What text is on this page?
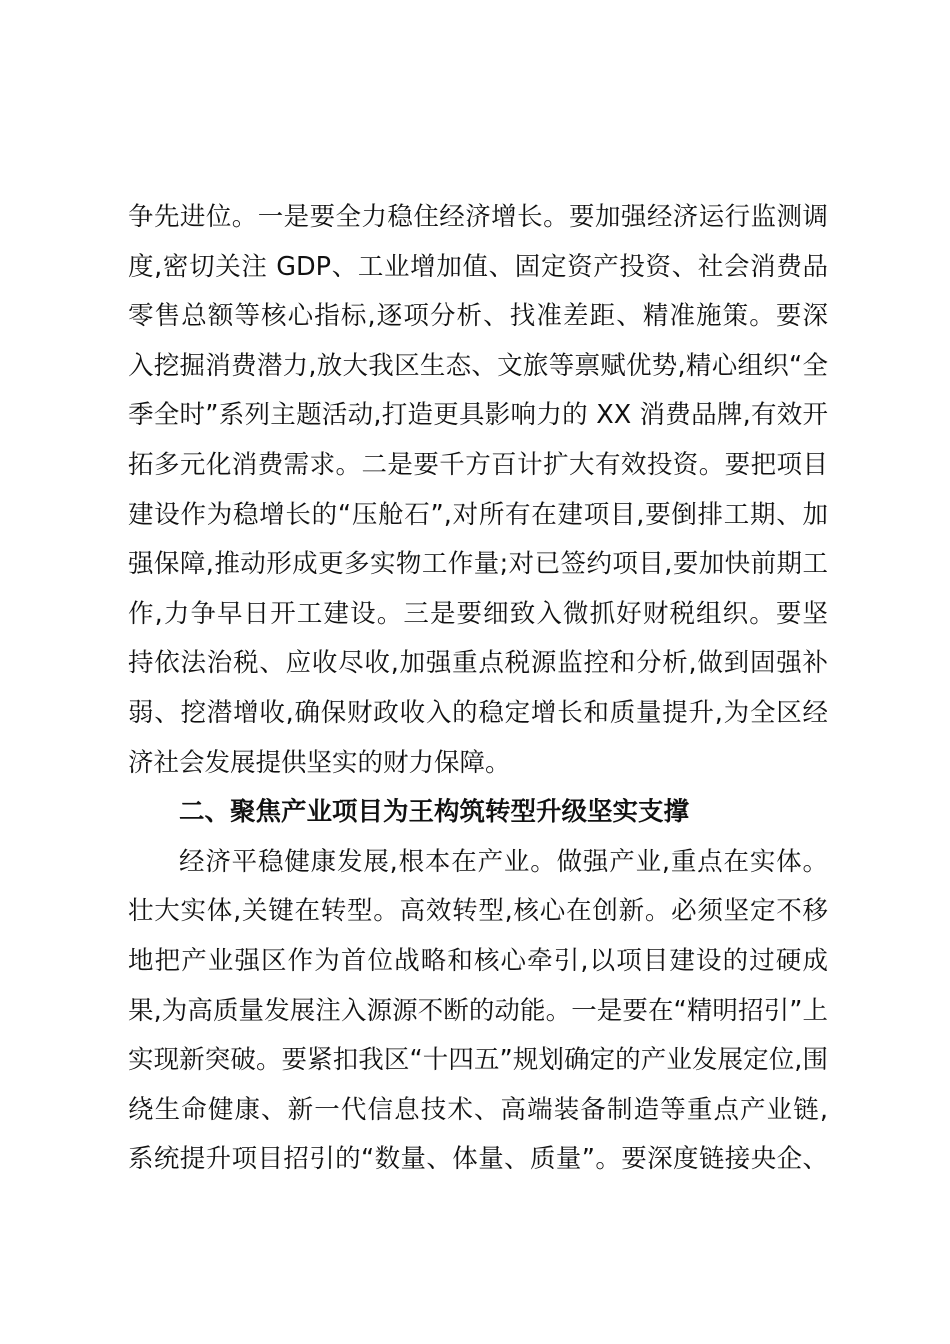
争先进位。一是要全力稳住经济增长。要加强经济运行监测调
度,密切关注 GDP、工业增加值、固定资产投资、社会消费品
零售总额等核心指标,逐项分析、找准差距、精准施策。要深
入挖掘消费潜力,放大我区生态、文旅等禀赋优势,精心组织“全
季全时”系列主题活动,打造更具影响力的 XX 消费品牌,有效开
拓多元化消费需求。二是要千方百计扩大有效投资。要把项目
建设作为稳增长的“压舱石”,对所有在建项目,要倒排工期、加
强保障,推动形成更多实物工作量;对已签约项目,要加快前期工
作,力争早日开工建设。三是要细致入微抓好财税组织。要坚
持依法治税、应收尽收,加强重点税源监控和分析,做到固强补
弱、挖潜增收,确保财政收入的稳定增长和质量提升,为全区经
济社会发展提供坚实的财力保障。
二、聚焦产业项目为王构筑转型升级坚实支撑
经济平稳健康发展,根本在产业。做强产业,重点在实体。
壮大实体,关键在转型。高效转型,核心在创新。必须坚定不移
地把产业强区作为首位战略和核心牵引,以项目建设的过硬成
果,为高质量发展注入源源不断的动能。一是要在“精明招引”上
实现新突破。要紧扣我区“十四五”规划确定的产业发展定位,围
绕生命健康、新一代信息技术、高端装备制造等重点产业链,
系统提升项目招引的“数量、体量、质量”。要深度链接央企、
